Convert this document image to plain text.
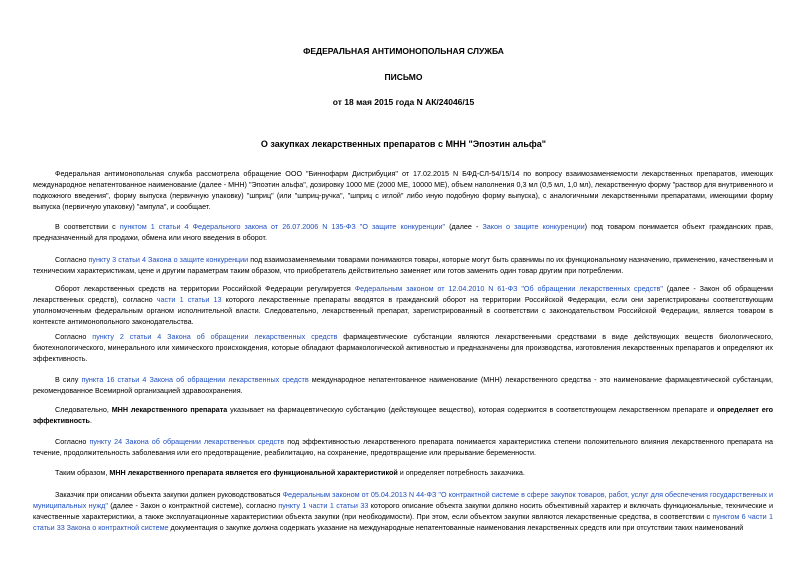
ФЕДЕРАЛЬНАЯ АНТИМОНОПОЛЬНАЯ СЛУЖБА
ПИСЬМО
от 18 мая 2015 года N АК/24046/15
О закупках лекарственных препаратов с МНН "Эпоэтин альфа"

Федеральная антимонопольная служба рассмотрела обращение ООО "Биннофарм Дистрибуция" от 17.02.2015 N БФД-СЛ-54/15/14 по вопросу взаимозаменяемости лекарственных препаратов, имеющих международное непатентованное наименование (далее - МНН) "Эпоэтин альфа", дозировку 1000 МЕ (2000 МЕ, 10000 МЕ), объем наполнения 0,3 мл (0,5 мл, 1,0 мл), лекарственную форму "раствор для внутривенного и подкожного введения", форму выпуска (первичную упаковку) "шприц" (или "шприц-ручка", "шприц с иглой" либо иную подобную форму выпуска), с аналогичными лекарственными препаратами, имеющими форму выпуска (первичную упаковку) "ампула", и сообщает.

В соответствии с пунктом 1 статьи 4 Федерального закона от 26.07.2006 N 135-ФЗ "О защите конкуренции" (далее - Закон о защите конкуренции) под товаром понимается объект гражданских прав, предназначенный для продажи, обмена или иного введения в оборот.

Согласно пункту 3 статьи 4 Закона о защите конкуренции под взаимозаменяемыми товарами понимаются товары, которые могут быть сравнимы по их функциональному назначению, применению, качественным и техническим характеристикам, цене и другим параметрам таким образом, что приобретатель действительно заменяет или готов заменить один товар другим при потреблении.

Оборот лекарственных средств на территории Российской Федерации регулируется Федеральным законом от 12.04.2010 N 61-ФЗ "Об обращении лекарственных средств" (далее - Закон об обращении лекарственных средств), согласно части 1 статьи 13 которого лекарственные препараты вводятся в гражданский оборот на территории Российской Федерации, если они зарегистрированы соответствующим уполномоченным федеральным органом исполнительной власти. Следовательно, лекарственный препарат, зарегистрированный в соответствии с законодательством Российской Федерации, является товаром в контексте антимонопольного законодательства.

Согласно пункту 2 статьи 4 Закона об обращении лекарственных средств фармацевтические субстанции являются лекарственными средствами в виде действующих веществ биологического, биотехнологического, минерального или химического происхождения, которые обладают фармакологической активностью и предназначены для производства, изготовления лекарственных препаратов и определяют их эффективность.

В силу пункта 16 статьи 4 Закона об обращении лекарственных средств международное непатентованное наименование (МНН) лекарственного средства - это наименование фармацевтической субстанции, рекомендованное Всемирной организацией здравоохранения.

Следовательно, МНН лекарственного препарата указывает на фармацевтическую субстанцию (действующее вещество), которая содержится в соответствующем лекарственном препарате и определяет его эффективность.

Согласно пункту 24 Закона об обращении лекарственных средств под эффективностью лекарственного препарата понимается характеристика степени положительного влияния лекарственного препарата на течение, продолжительность заболевания или его предотвращение, реабилитацию, на сохранение, предотвращение или прерывание беременности.

Таким образом, МНН лекарственного препарата является его функциональной характеристикой и определяет потребность заказчика.

Заказчик при описании объекта закупки должен руководствоваться Федеральным законом от 05.04.2013 N 44-ФЗ "О контрактной системе в сфере закупок товаров, работ, услуг для обеспечения государственных и муниципальных нужд" (далее - Закон о контрактной системе), согласно пункту 1 части 1 статьи 33 которого описание объекта закупки должно носить объективный характер и включать функциональные, технические и качественные характеристики, а также эксплуатационные характеристики объекта закупки (при необходимости). При этом, если объектом закупки являются лекарственные средства, в соответствии с пунктом 6 части 1 статьи 33 Закона о контрактной системе документация о закупке должна содержать указание на международные непатентованные наименования лекарственных средств или при отсутствии таких наименований
